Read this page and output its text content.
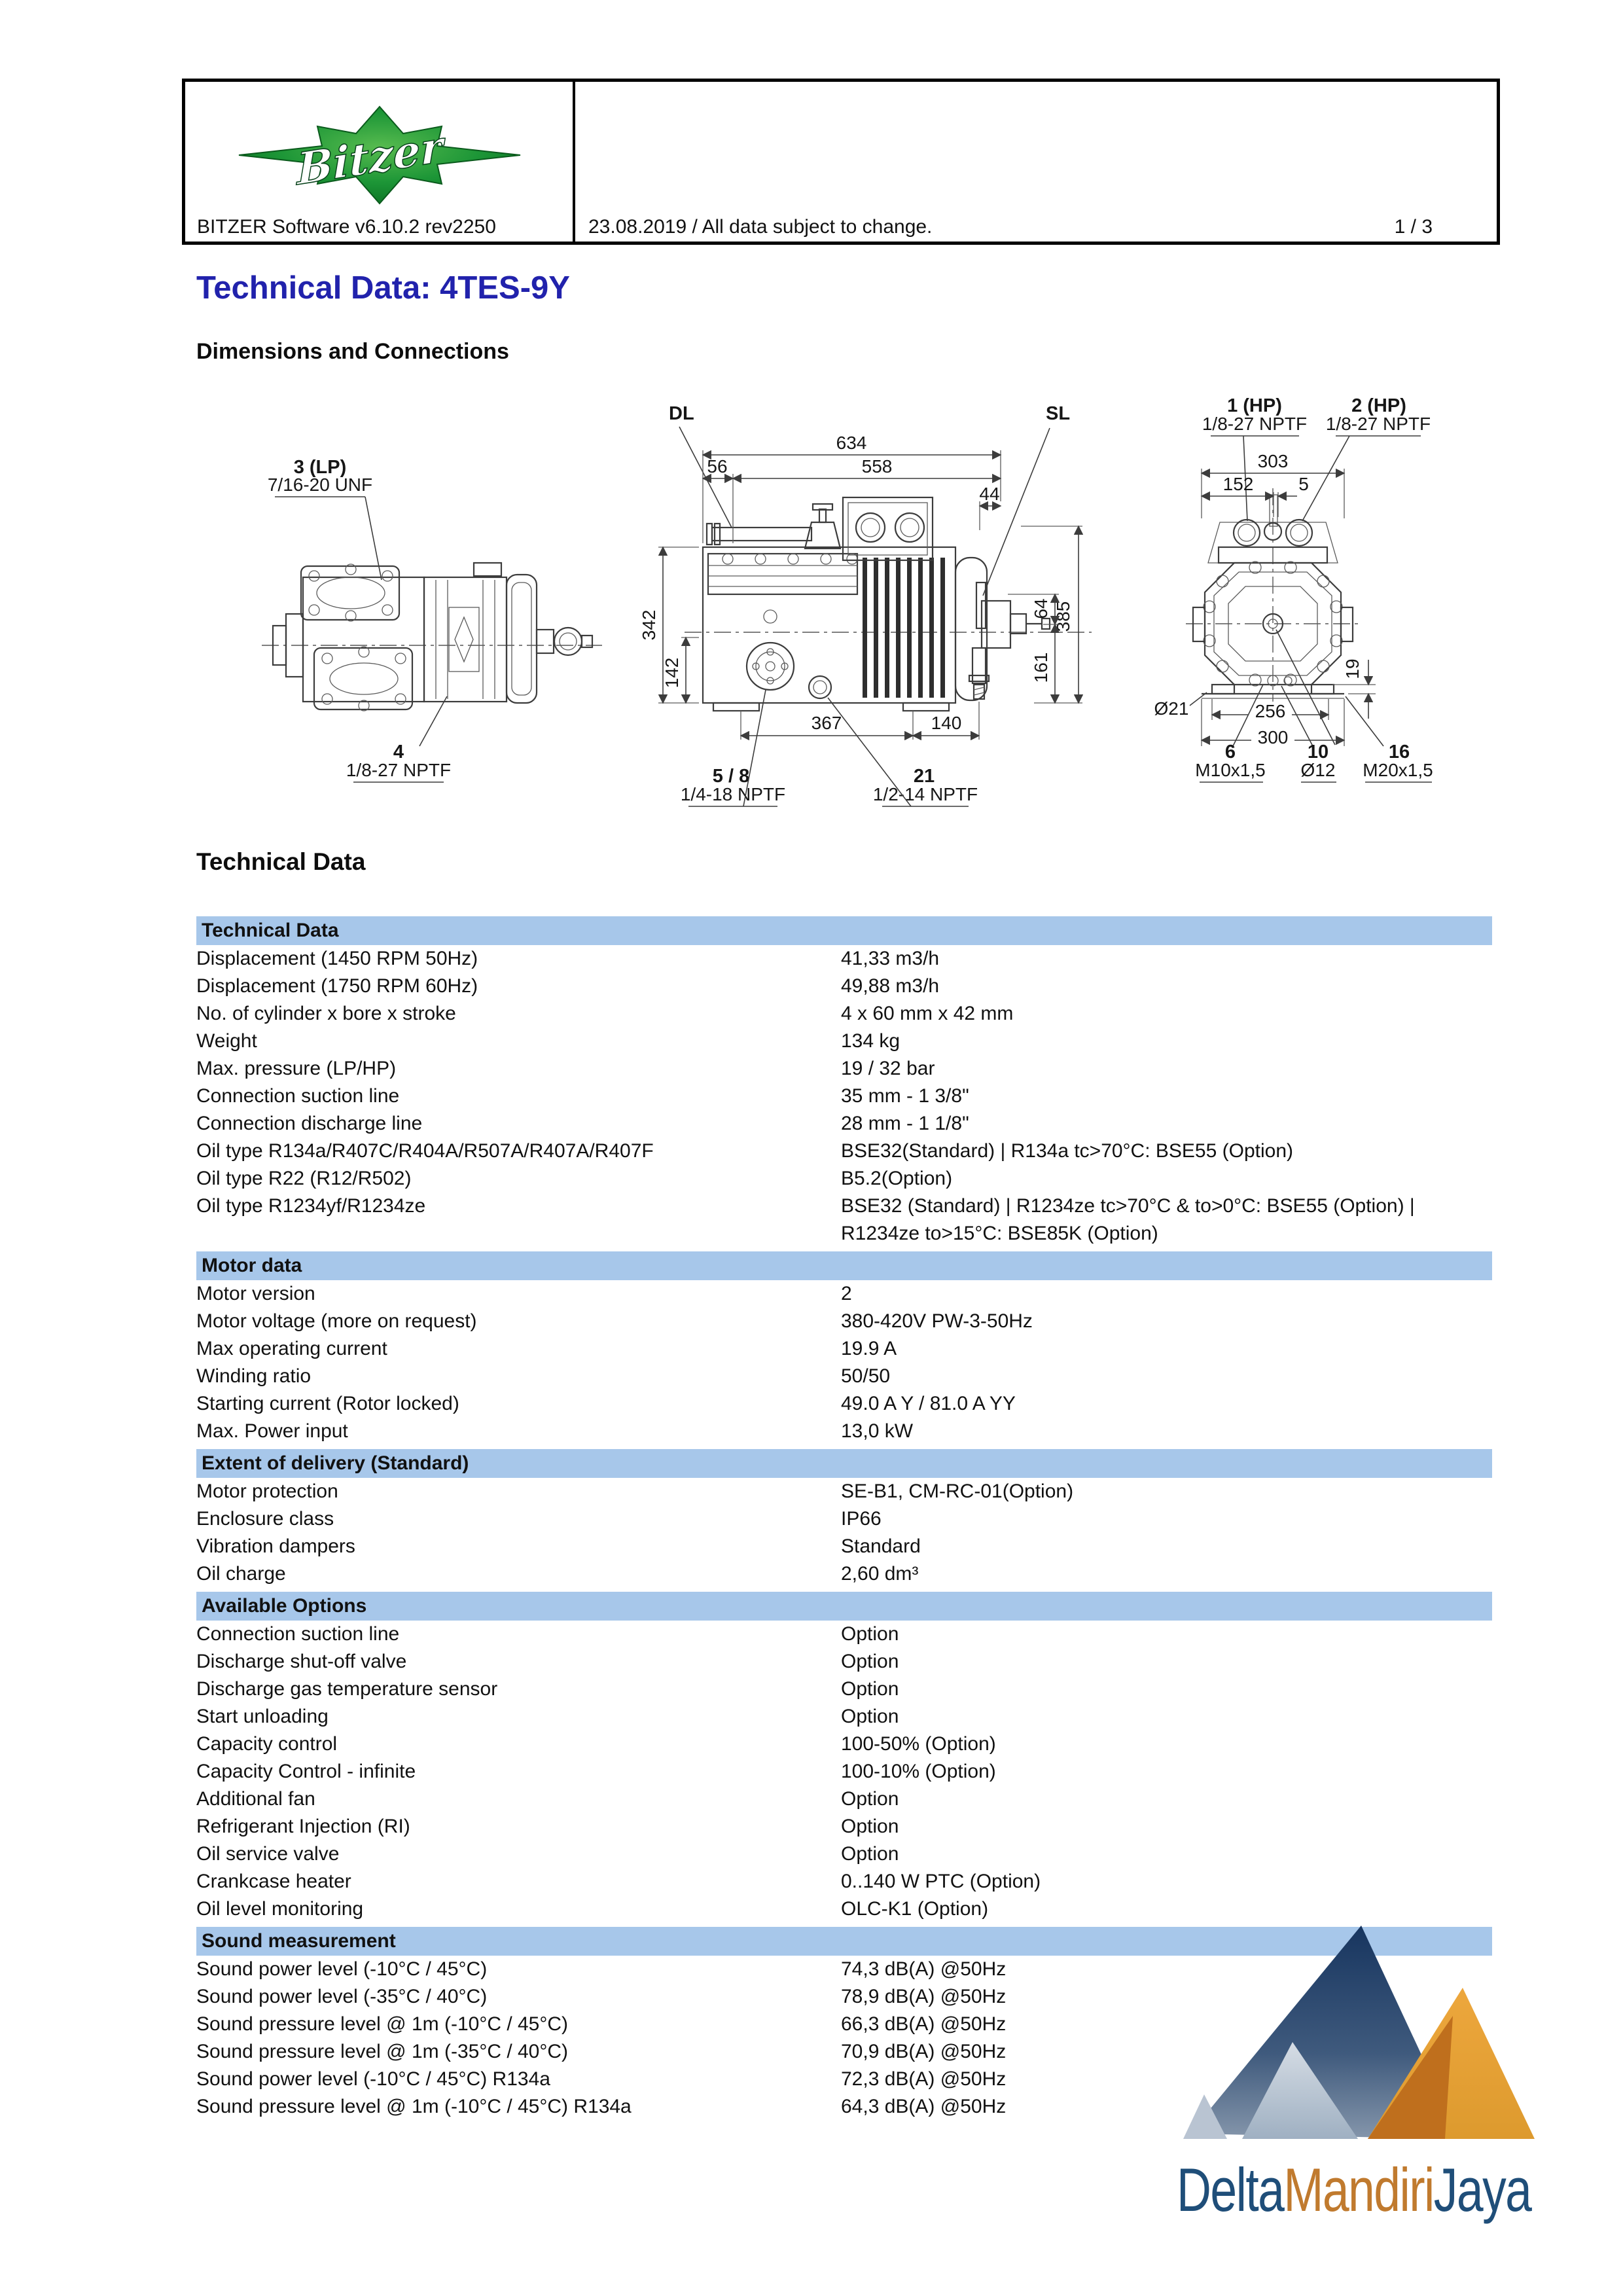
Bitzer
BITZER Software v6.10.2 rev2250	23.08.2019 / All data subject to change.	1 / 3
Technical Data: 4TES-9Y
Dimensions and Connections
Technical Data
3 (LP)
7/16-20 UNF
4
1/8-27 NPTF
DL	SL
634
558
56
44
342
142
385
64
161
367	140
5 / 8
1/4-18 NPTF
21
1/2-14 NPTF
1 (HP)
1/8-27 NPTF
2 (HP)
1/8-27 NPTF
303
152 5
19
Ø21	256
300
6
M10x1,5
10
Ø12
16
M20x1,5
Technical Data
Displacement (1450 RPM 50Hz)	41,33 m3/h
Displacement (1750 RPM 60Hz)	49,88 m3/h
No. of cylinder x bore x stroke	4 x 60 mm x 42 mm
Weight	134 kg
Max. pressure (LP/HP)	19 / 32 bar
Connection suction line	35 mm - 1 3/8"
Connection discharge line	28 mm - 1 1/8"
Oil type R134a/R407C/R404A/R507A/R407A/R407F	BSE32(Standard) | R134a tc>70°C: BSE55 (Option)
Oil type R22 (R12/R502)	B5.2(Option)
Oil type R1234yf/R1234ze	BSE32 (Standard) | R1234ze tc>70°C & to>0°C: BSE55 (Option) | R1234ze to>15°C: BSE85K (Option)
Motor data
Motor version	2
Motor voltage (more on request)	380-420V PW-3-50Hz
Max operating current	19.9 A
Winding ratio	50/50
Starting current (Rotor locked)	49.0 A Y / 81.0 A YY
Max. Power input	13,0 kW
Extent of delivery (Standard)
Motor protection	SE-B1, CM-RC-01(Option)
Enclosure class	IP66
Vibration dampers	Standard
Oil charge	2,60 dm³
Available Options
Connection suction line	Option
Discharge shut-off valve	Option
Discharge gas temperature sensor	Option
Start unloading	Option
Capacity control	100-50% (Option)
Capacity Control - infinite	100-10% (Option)
Additional fan	Option
Refrigerant Injection (RI)	Option
Oil service valve	Option
Crankcase heater	0..140 W PTC (Option)
Oil level monitoring	OLC-K1 (Option)
Sound measurement
Sound power level (-10°C / 45°C)	74,3 dB(A) @50Hz
Sound power level (-35°C / 40°C)	78,9 dB(A) @50Hz
Sound pressure level @ 1m (-10°C / 45°C)	66,3 dB(A) @50Hz
Sound pressure level @ 1m (-35°C / 40°C)	70,9 dB(A) @50Hz
Sound power level (-10°C / 45°C) R134a	72,3 dB(A) @50Hz
Sound pressure level @ 1m (-10°C / 45°C) R134a	64,3 dB(A) @50Hz
DeltaMandiriJaya
